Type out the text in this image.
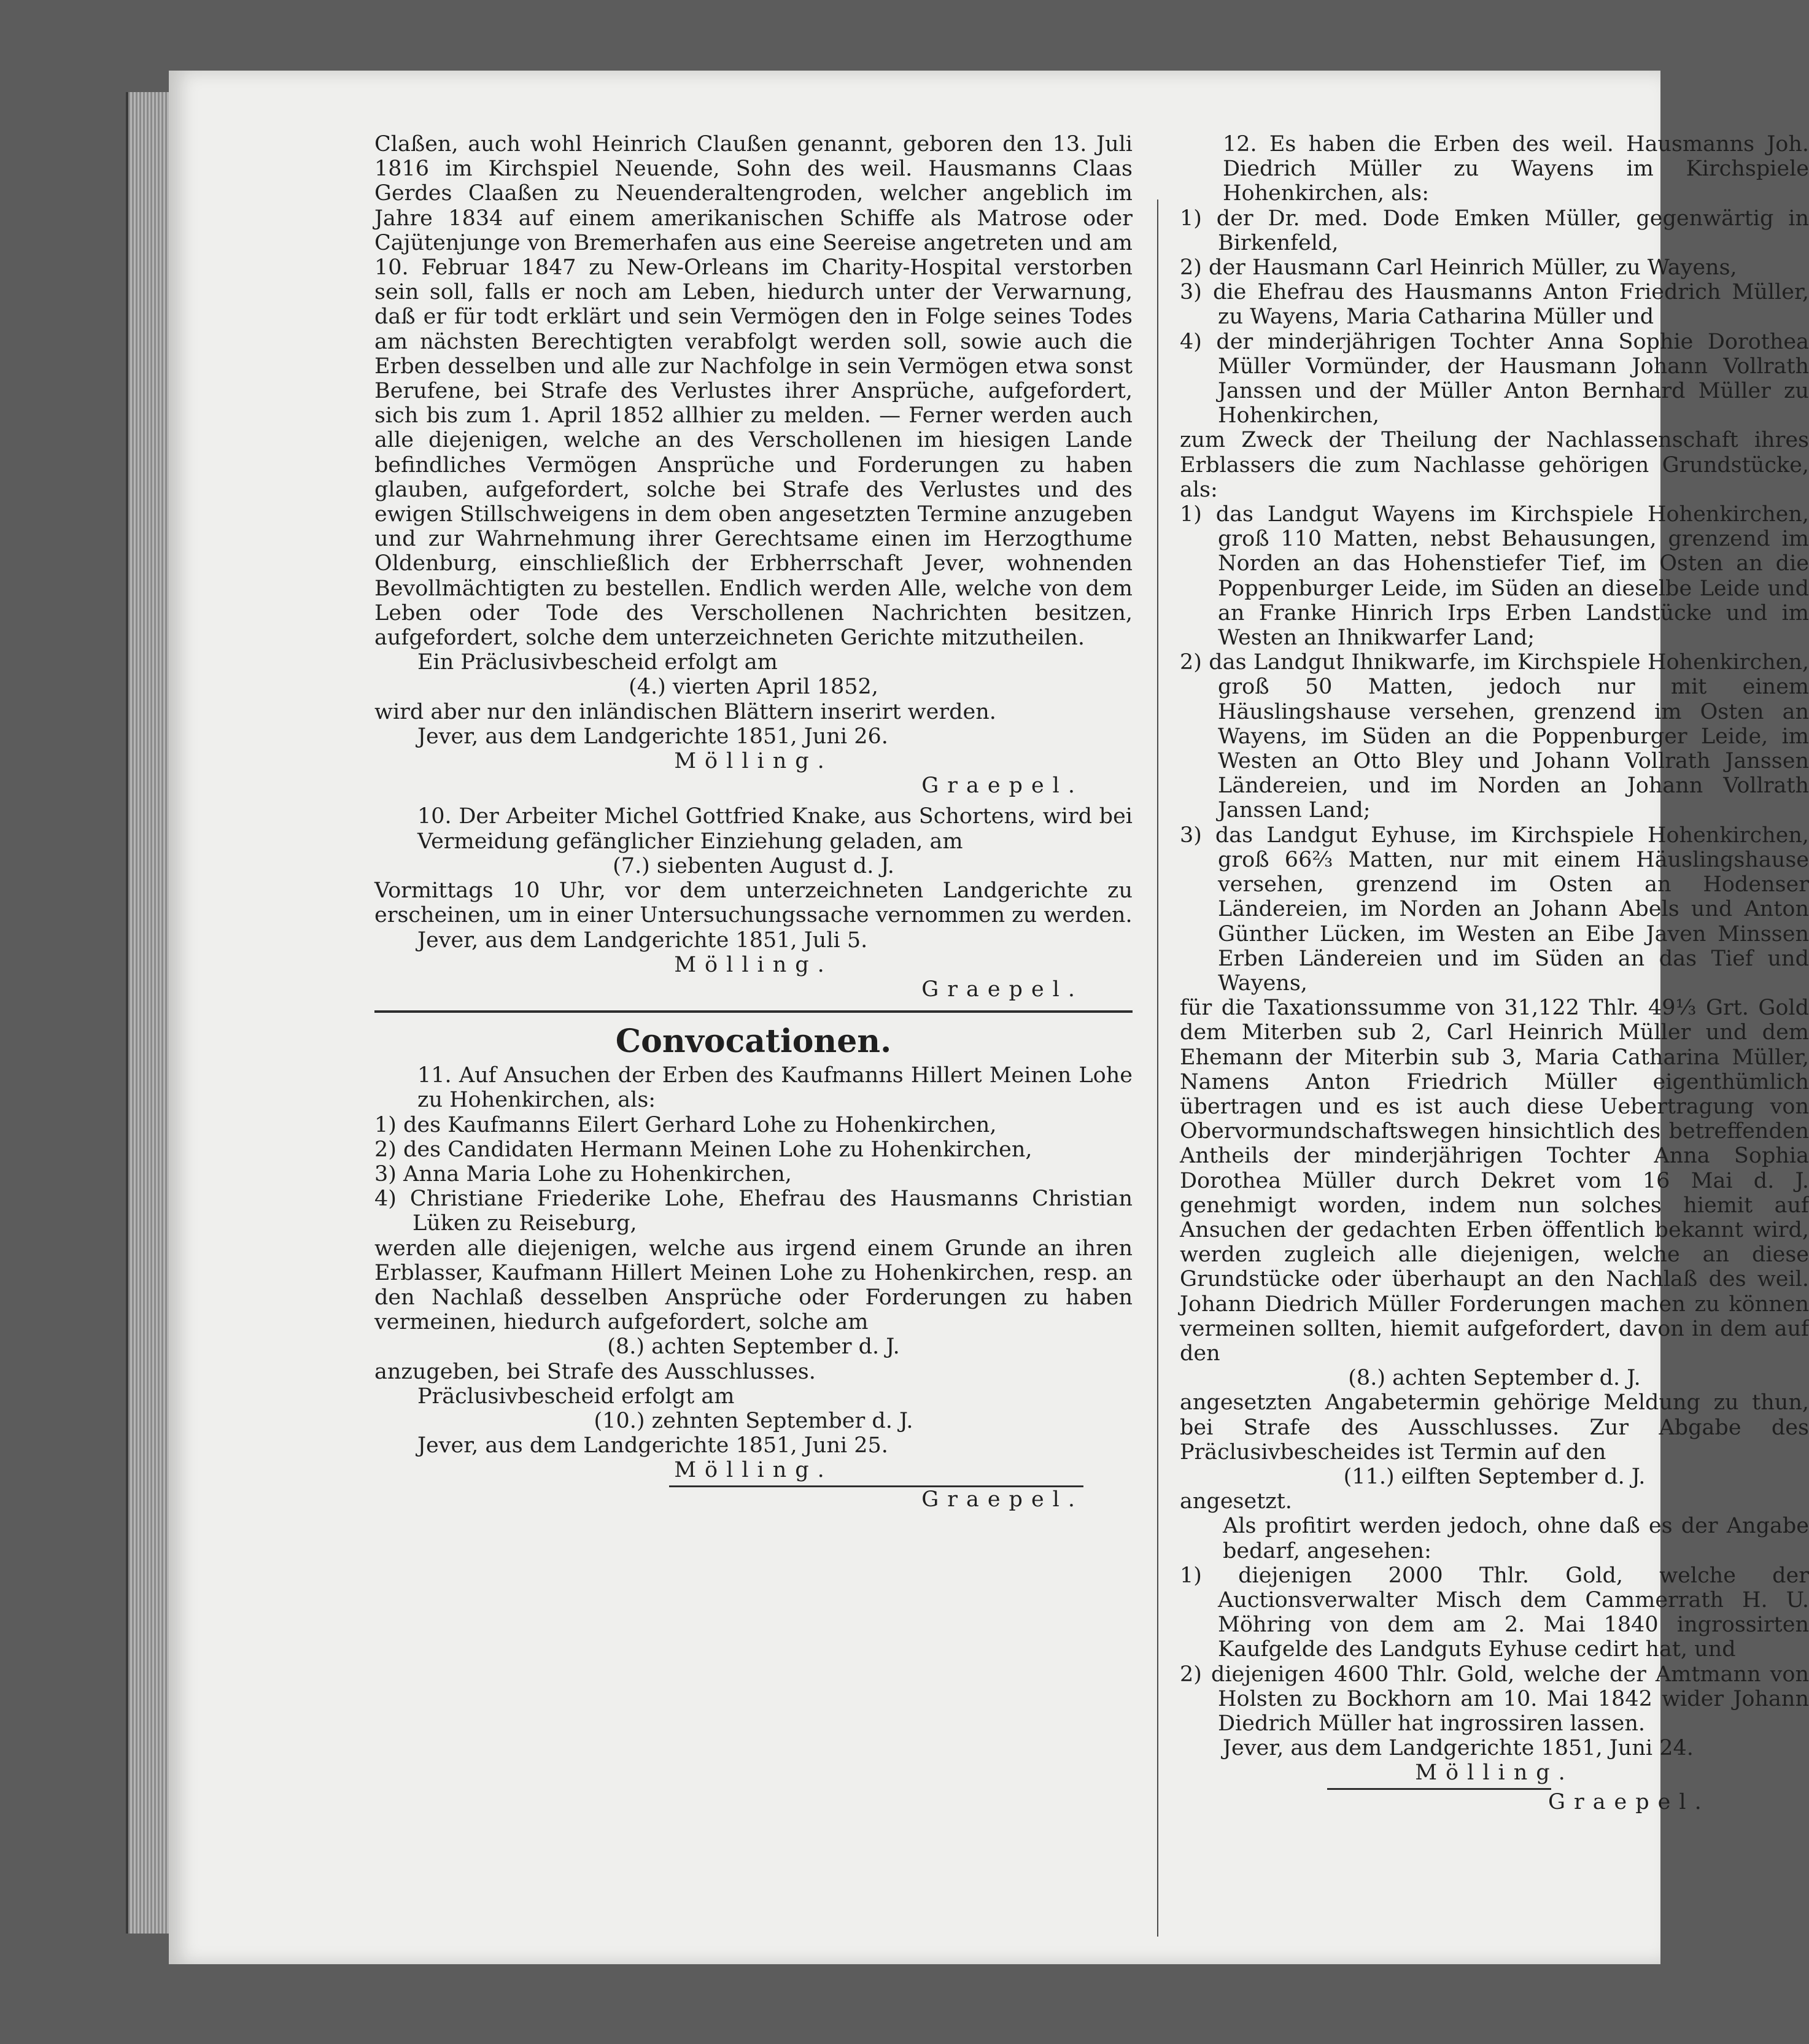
Claßen, auch wohl Heinrich Claußen genannt, geboren den 13. Juli 1816 im Kirchspiel Neuende, Sohn des weil. Hausmanns Claas Gerdes Claaßen zu Neuenderaltengroden, welcher angeblich im Jahre 1834 auf einem amerikanischen Schiffe als Matrose oder Cajütenjunge von Bremerhafen aus eine Seereise angetreten und am 10. Februar 1847 zu New-Orleans im Charity-Hospital verstorben sein soll, falls er noch am Leben, hiedurch unter der Verwarnung, daß er für todt erklärt und sein Vermögen den in Folge seines Todes am nächsten Berechtigten verabfolgt werden soll, sowie auch die Erben desselben und alle zur Nachfolge in sein Vermögen etwa sonst Berufene, bei Strafe des Verlustes ihrer Ansprüche, aufgefordert, sich bis zum 1. April 1852 allhier zu melden. — Ferner werden auch alle diejenigen, welche an des Verschollenen im hiesigen Lande befindliches Vermögen Ansprüche und Forderungen zu haben glauben, aufgefordert, solche bei Strafe des Verlustes und des ewigen Stillschweigens in dem oben angesetzten Termine anzugeben und zur Wahrnehmung ihrer Gerechtsame einen im Herzogthume Oldenburg, einschließlich der Erbherrschaft Jever, wohnenden Bevollmächtigten zu bestellen. Endlich werden Alle, welche von dem Leben oder Tode des Verschollenen Nachrichten besitzen, aufgefordert, solche dem unterzeichneten Gerichte mitzutheilen.

Ein Präclusivbescheid erfolgt am

(4.) vierten April 1852,

wird aber nur den inländischen Blättern inserirt werden.

Jever, aus dem Landgerichte 1851, Juni 26.

Mölling.

Graepel.

10. Der Arbeiter Michel Gottfried Knake, aus Schortens, wird bei Vermeidung gefänglicher Einziehung geladen, am

(7.) siebenten August d. J.

Vormittags 10 Uhr, vor dem unterzeichneten Landgerichte zu erscheinen, um in einer Untersuchungssache vernommen zu werden.

Jever, aus dem Landgerichte 1851, Juli 5.

Mölling.

Graepel.

Convocationen.

11. Auf Ansuchen der Erben des Kaufmanns Hillert Meinen Lohe zu Hohenkirchen, als:

1) des Kaufmanns Eilert Gerhard Lohe zu Hohenkirchen,

2) des Candidaten Hermann Meinen Lohe zu Hohenkirchen,

3) Anna Maria Lohe zu Hohenkirchen,

4) Christiane Friederike Lohe, Ehefrau des Hausmanns Christian Lüken zu Reiseburg,

werden alle diejenigen, welche aus irgend einem Grunde an ihren Erblasser, Kaufmann Hillert Meinen Lohe zu Hohenkirchen, resp. an den Nachlaß desselben Ansprüche oder Forderungen zu haben vermeinen, hiedurch aufgefordert, solche am

(8.) achten September d. J.

anzugeben, bei Strafe des Ausschlusses.

Präclusivbescheid erfolgt am

(10.) zehnten September d. J.

Jever, aus dem Landgerichte 1851, Juni 25.

Mölling.

Graepel.

12. Es haben die Erben des weil. Hausmanns Joh. Diedrich Müller zu Wayens im Kirchspiele Hohenkirchen, als:

1) der Dr. med. Dode Emken Müller, gegenwärtig in Birkenfeld,

2) der Hausmann Carl Heinrich Müller, zu Wayens,

3) die Ehefrau des Hausmanns Anton Friedrich Müller, zu Wayens, Maria Catharina Müller und

4) der minderjährigen Tochter Anna Sophie Dorothea Müller Vormünder, der Hausmann Johann Vollrath Janssen und der Müller Anton Bernhard Müller zu Hohenkirchen,

zum Zweck der Theilung der Nachlassenschaft ihres Erblassers die zum Nachlasse gehörigen Grundstücke, als:

1) das Landgut Wayens im Kirchspiele Hohenkirchen, groß 110 Matten, nebst Behausungen, grenzend im Norden an das Hohenstiefer Tief, im Osten an die Poppenburger Leide, im Süden an dieselbe Leide und an Franke Hinrich Irps Erben Landstücke und im Westen an Ihnikwarfer Land;

2) das Landgut Ihnikwarfe, im Kirchspiele Hohenkirchen, groß 50 Matten, jedoch nur mit einem Häuslingshause versehen, grenzend im Osten an Wayens, im Süden an die Poppenburger Leide, im Westen an Otto Bley und Johann Vollrath Janssen Ländereien, und im Norden an Johann Vollrath Janssen Land;

3) das Landgut Eyhuse, im Kirchspiele Hohenkirchen, groß 66⅔ Matten, nur mit einem Häuslingshause versehen, grenzend im Osten an Hodenser Ländereien, im Norden an Johann Abels und Anton Günther Lücken, im Westen an Eibe Javen Minssen Erben Ländereien und im Süden an das Tief und Wayens,

für die Taxationssumme von 31,122 Thlr. 49⅓ Grt. Gold dem Miterben sub 2, Carl Heinrich Müller und dem Ehemann der Miterbin sub 3, Maria Catharina Müller, Namens Anton Friedrich Müller eigenthümlich übertragen und es ist auch diese Uebertragung von Obervormundschaftswegen hinsichtlich des betreffenden Antheils der minderjährigen Tochter Anna Sophia Dorothea Müller durch Dekret vom 16 Mai d. J. genehmigt worden, indem nun solches hiemit auf Ansuchen der gedachten Erben öffentlich bekannt wird, werden zugleich alle diejenigen, welche an diese Grundstücke oder überhaupt an den Nachlaß des weil. Johann Diedrich Müller Forderungen machen zu können vermeinen sollten, hiemit aufgefordert, davon in dem auf den

(8.) achten September d. J.

angesetzten Angabetermin gehörige Meldung zu thun, bei Strafe des Ausschlusses. Zur Abgabe des Präclusivbescheides ist Termin auf den

(11.) eilften September d. J.

angesetzt.

Als profitirt werden jedoch, ohne daß es der Angabe bedarf, angesehen:

1) diejenigen 2000 Thlr. Gold, welche der Auctionsverwalter Misch dem Cammerrath H. U. Möhring von dem am 2. Mai 1840 ingrossirten Kaufgelde des Landguts Eyhuse cedirt hat, und

2) diejenigen 4600 Thlr. Gold, welche der Amtmann von Holsten zu Bockhorn am 10. Mai 1842 wider Johann Diedrich Müller hat ingrossiren lassen.

Jever, aus dem Landgerichte 1851, Juni 24.

Mölling.

Graepel.
